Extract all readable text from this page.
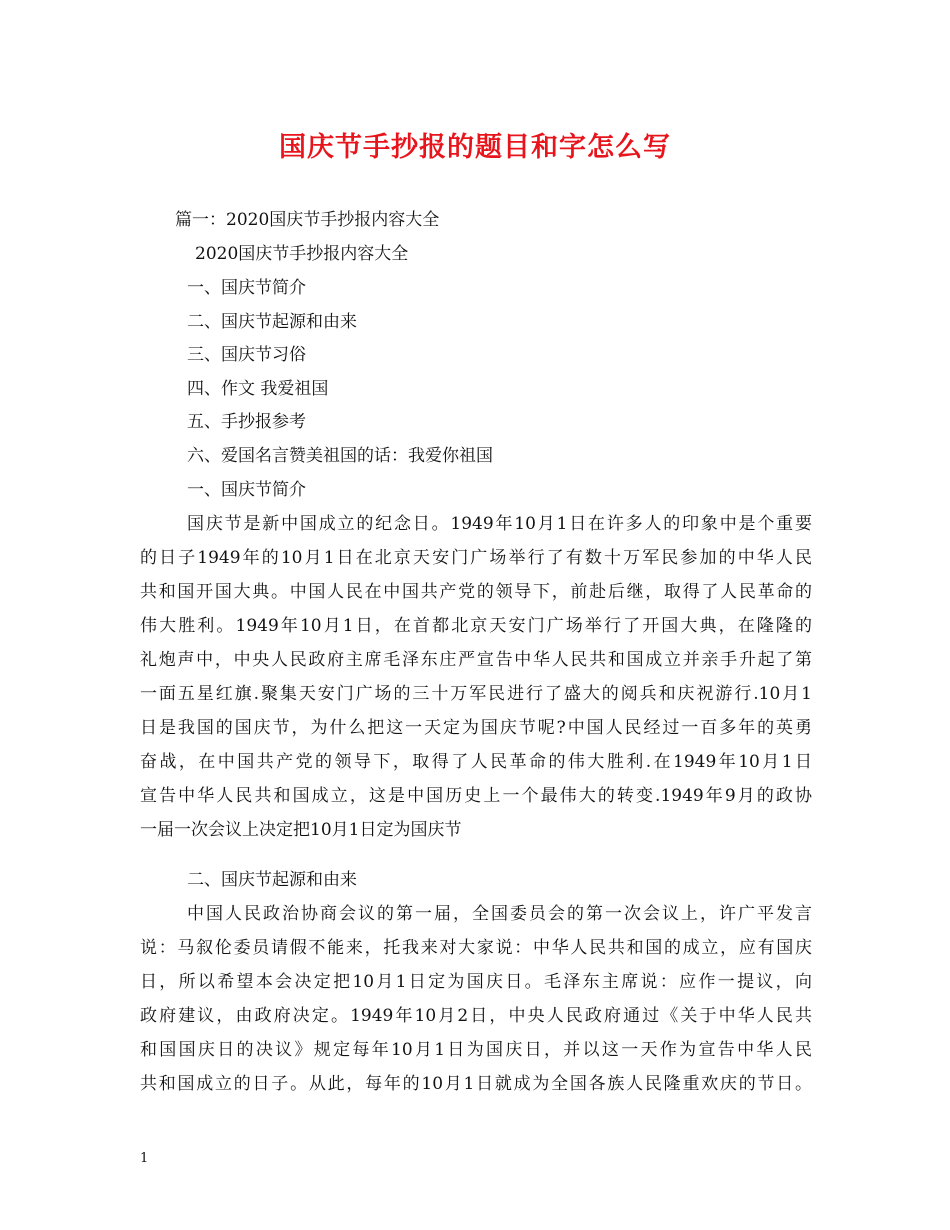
国庆节手抄报的题目和字怎么写
篇一：2020国庆节手抄报内容大全
2020国庆节手抄报内容大全
一、国庆节简介
二、国庆节起源和由来
三、国庆节习俗
四、作文 我爱祖国
五、手抄报参考
六、爱国名言赞美祖国的话：我爱你祖国
一、国庆节简介
国庆节是新中国成立的纪念日。1949年10月1日在许多人的印象中是个重要
的日子1949年的10月1日在北京天安门广场举行了有数十万军民参加的中华人民
共和国开国大典。中国人民在中国共产党的领导下，前赴后继，取得了人民革命的
伟大胜利。1949年10月1日，在首都北京天安门广场举行了开国大典，在隆隆的
礼炮声中，中央人民政府主席毛泽东庄严宣告中华人民共和国成立并亲手升起了第
一面五星红旗.聚集天安门广场的三十万军民进行了盛大的阅兵和庆祝游行.10月1
日是我国的国庆节，为什么把这一天定为国庆节呢?中国人民经过一百多年的英勇
奋战，在中国共产党的领导下，取得了人民革命的伟大胜利.在1949年10月1日
宣告中华人民共和国成立，这是中国历史上一个最伟大的转变.1949年9月的政协
一届一次会议上决定把10月1日定为国庆节
二、国庆节起源和由来
中国人民政治协商会议的第一届，全国委员会的第一次会议上，许广平发言
说：马叙伦委员请假不能来，托我来对大家说：中华人民共和国的成立，应有国庆
日，所以希望本会决定把10月1日定为国庆日。毛泽东主席说：应作一提议，向
政府建议，由政府决定。1949年10月2日，中央人民政府通过《关于中华人民共
和国国庆日的决议》规定每年10月1日为国庆日，并以这一天作为宣告中华人民
共和国成立的日子。从此，每年的10月1日就成为全国各族人民隆重欢庆的节日。
1
